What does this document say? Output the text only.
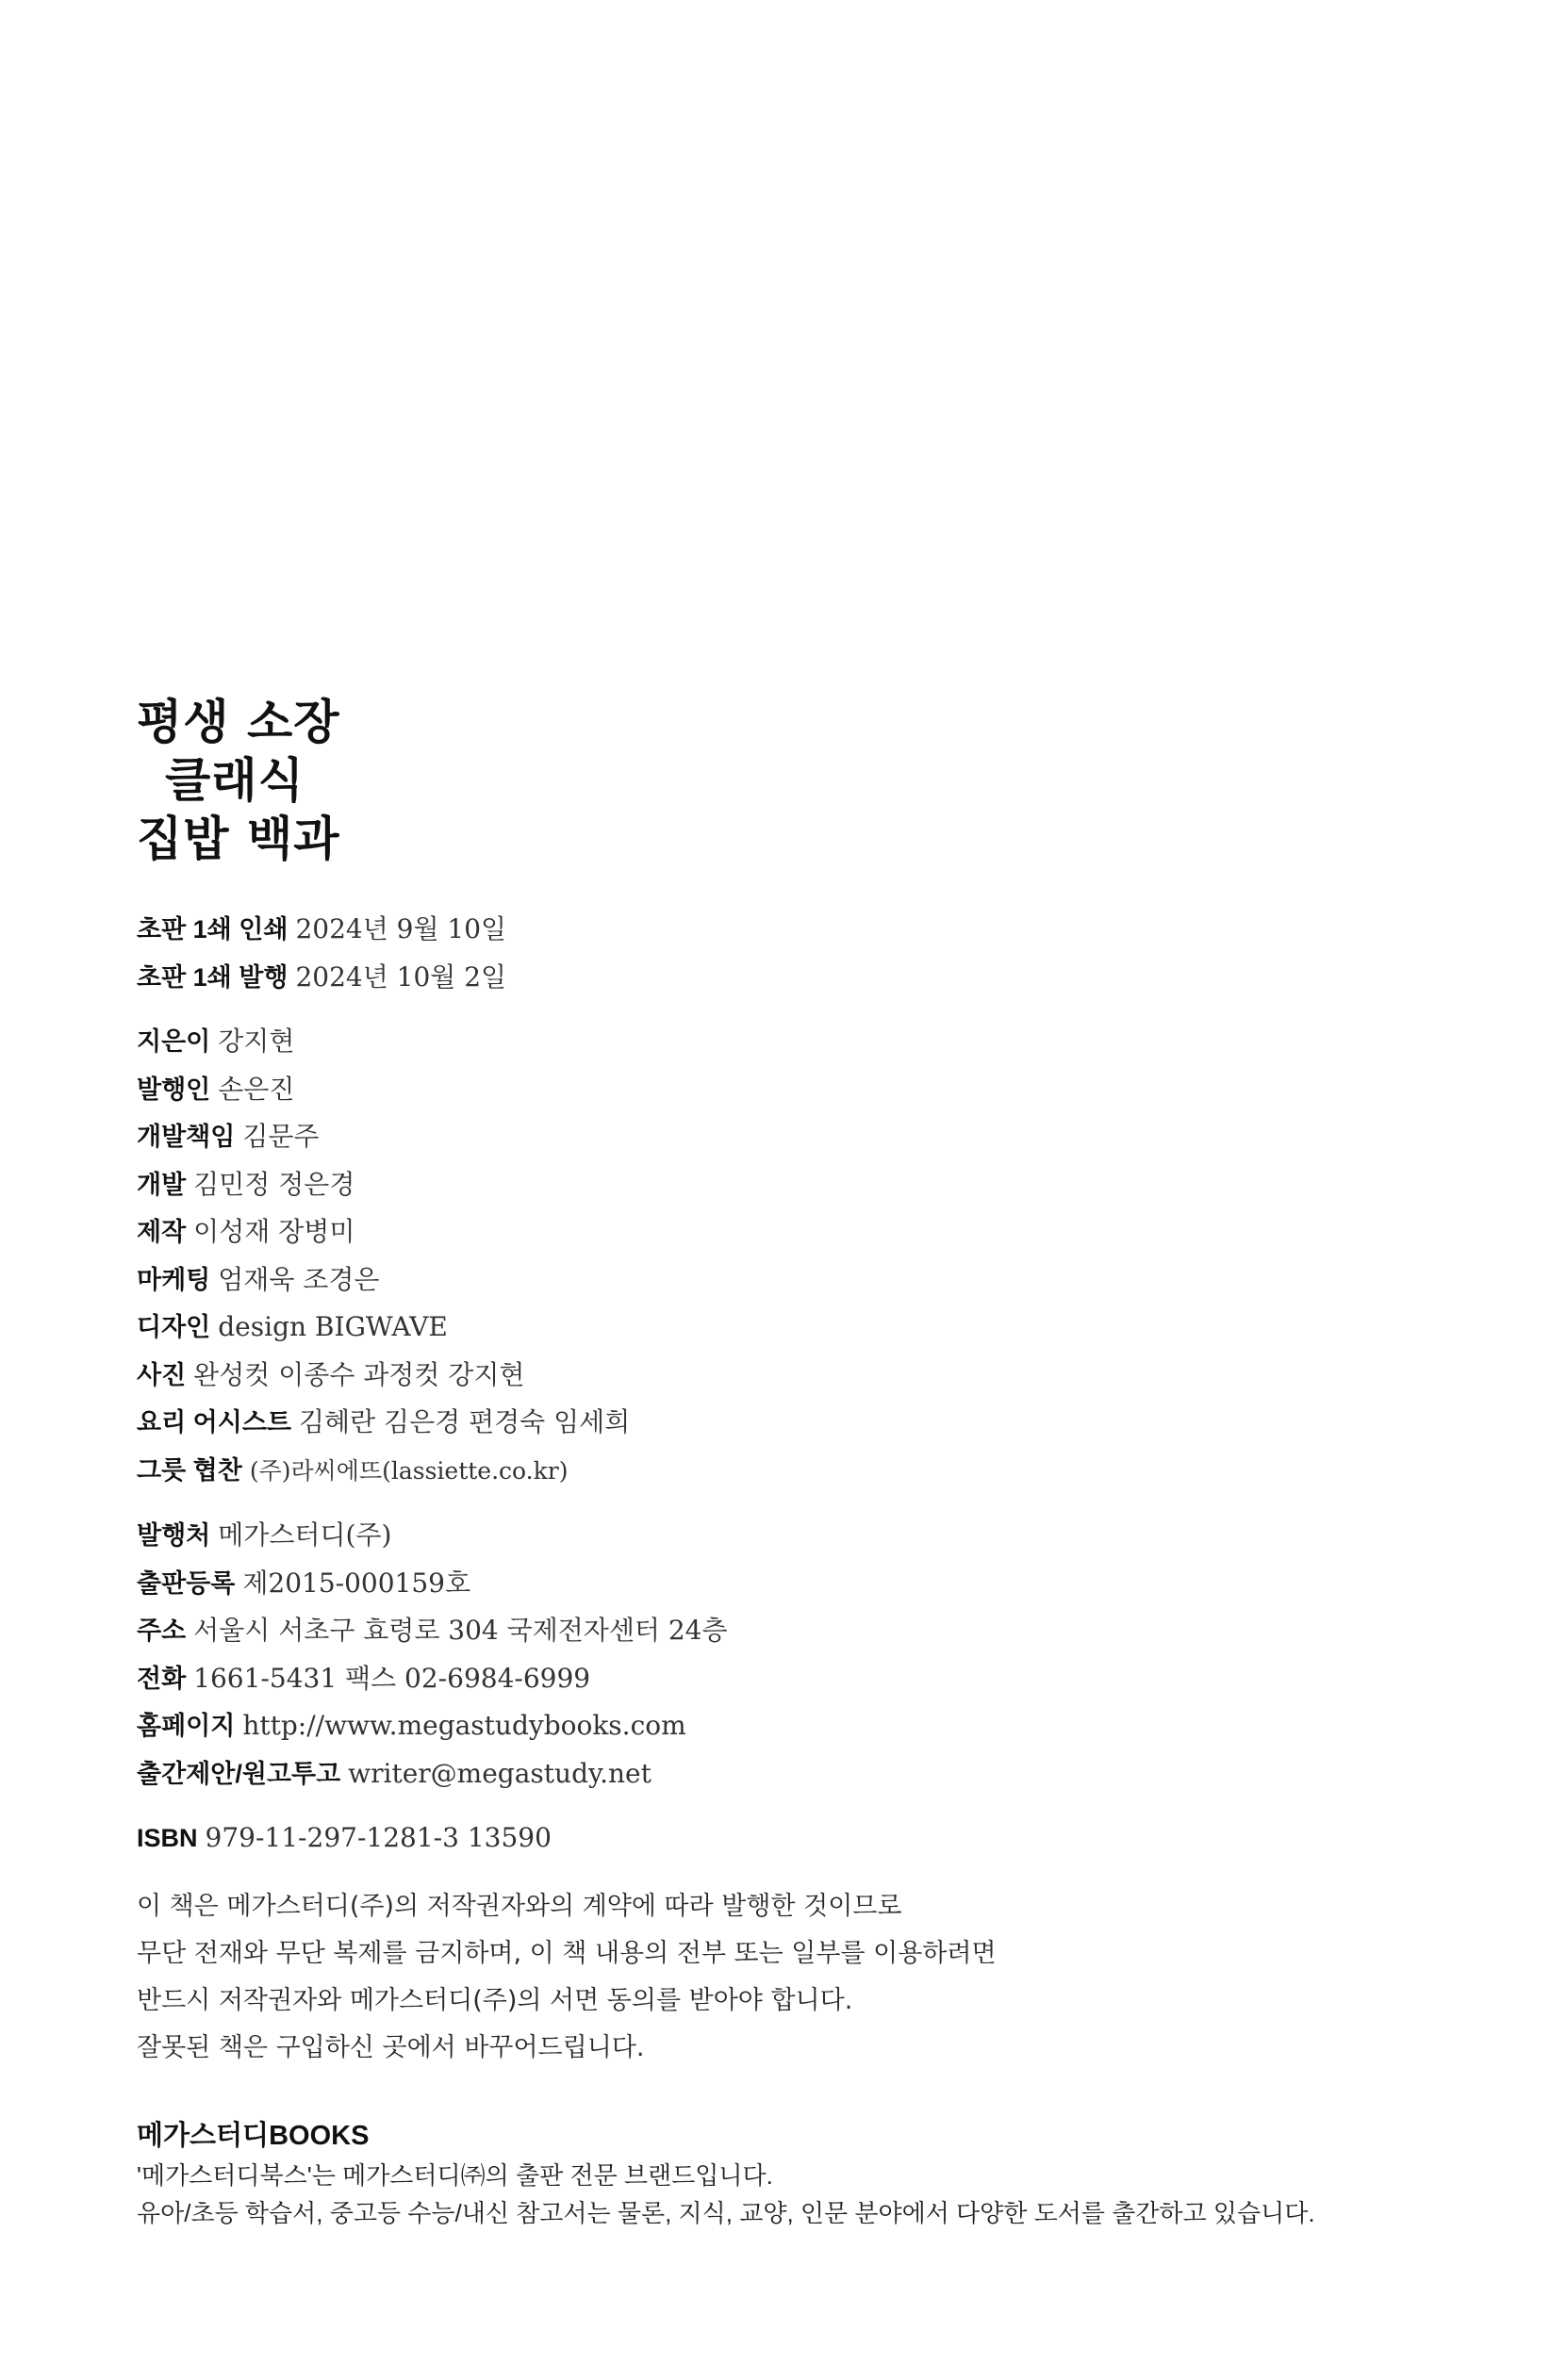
평생 소장
클래식
집밥 백과
초판 1쇄 인쇄 2024년 9월 10일
초판 1쇄 발행 2024년 10월 2일
지은이 강지현
발행인 손은진
개발책임 김문주
개발 김민정 정은경
제작 이성재 장병미
마케팅 엄재욱 조경은
디자인 design BIGWAVE
사진 완성컷 이종수 과정컷 강지현
요리 어시스트 김혜란 김은경 편경숙 임세희
그릇 협찬 (주)라씨에뜨(lassiette.co.kr)
발행처 메가스터디(주)
출판등록 제2015-000159호
주소 서울시 서초구 효령로 304 국제전자센터 24층
전화 1661-5431 팩스 02-6984-6999
홈페이지 http://www.megastudybooks.com
출간제안/원고투고 writer@megastudy.net
ISBN 979-11-297-1281-3 13590
이 책은 메가스터디(주)의 저작권자와의 계약에 따라 발행한 것이므로
무단 전재와 무단 복제를 금지하며, 이 책 내용의 전부 또는 일부를 이용하려면
반드시 저작권자와 메가스터디(주)의 서면 동의를 받아야 합니다.
잘못된 책은 구입하신 곳에서 바꾸어드립니다.
메가스터디BOOKS
'메가스터디북스'는 메가스터디㈜의 출판 전문 브랜드입니다.
유아/초등 학습서, 중고등 수능/내신 참고서는 물론, 지식, 교양, 인문 분야에서 다양한 도서를 출간하고 있습니다.
